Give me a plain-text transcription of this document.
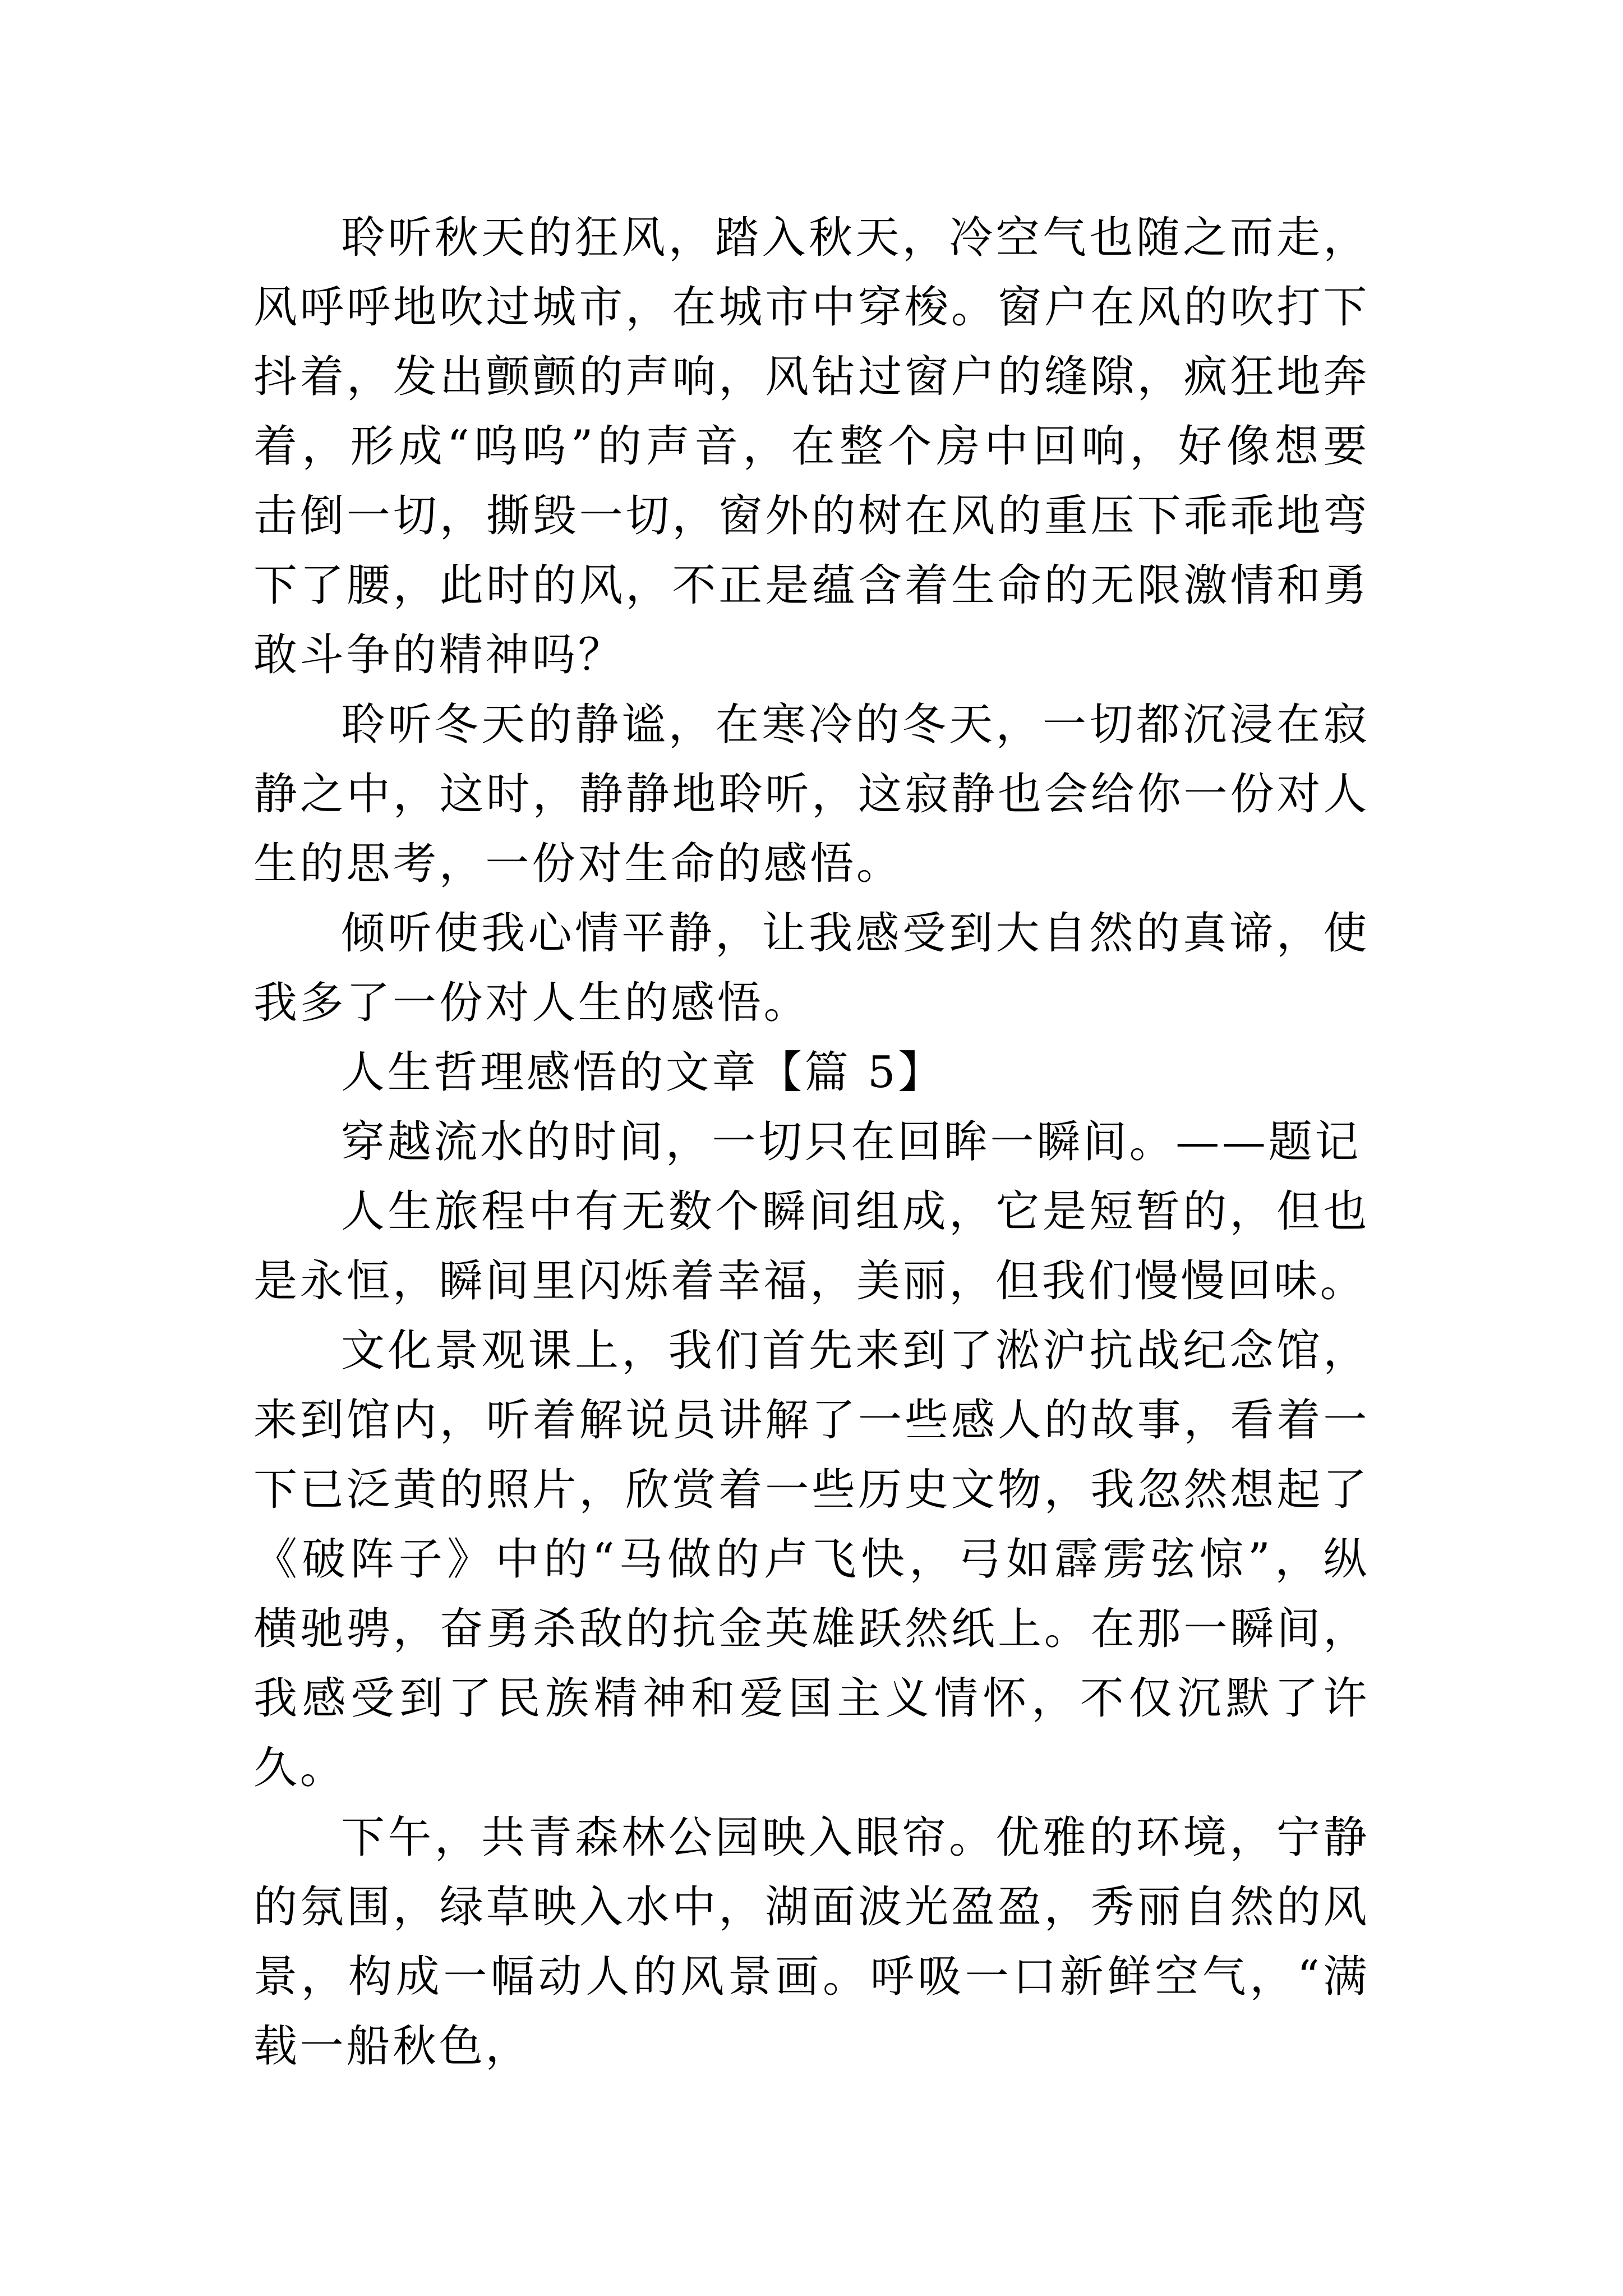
聆听秋天的狂风，踏入秋天，冷空气也随之而走，风呼呼地吹过城市，在城市中穿梭。窗户在风的吹打下抖着，发出颤颤的声响，风钻过窗户的缝隙，疯狂地奔着，形成“呜呜”的声音，在整个房中回响，好像想要击倒一切，撕毁一切，窗外的树在风的重压下乖乖地弯下了腰，此时的风，不正是蕴含着生命的无限激情和勇敢斗争的精神吗？

聆听冬天的静谧，在寒冷的冬天，一切都沉浸在寂静之中，这时，静静地聆听，这寂静也会给你一份对人生的思考，一份对生命的感悟。

倾听使我心情平静，让我感受到大自然的真谛，使我多了一份对人生的感悟。

人生哲理感悟的文章【篇 5】

穿越流水的时间，一切只在回眸一瞬间。——题记

人生旅程中有无数个瞬间组成，它是短暂的，但也是永恒，瞬间里闪烁着幸福，美丽，但我们慢慢回味。

文化景观课上，我们首先来到了淞沪抗战纪念馆，来到馆内，听着解说员讲解了一些感人的故事，看着一下已泛黄的照片，欣赏着一些历史文物，我忽然想起了《破阵子》中的“马做的卢飞快，弓如霹雳弦惊”，纵横驰骋，奋勇杀敌的抗金英雄跃然纸上。在那一瞬间，我感受到了民族精神和爱国主义情怀，不仅沉默了许久。

下午，共青森林公园映入眼帘。优雅的环境，宁静的氛围，绿草映入水中，湖面波光盈盈，秀丽自然的风景，构成一幅动人的风景画。呼吸一口新鲜空气，“满载一船秋色，
